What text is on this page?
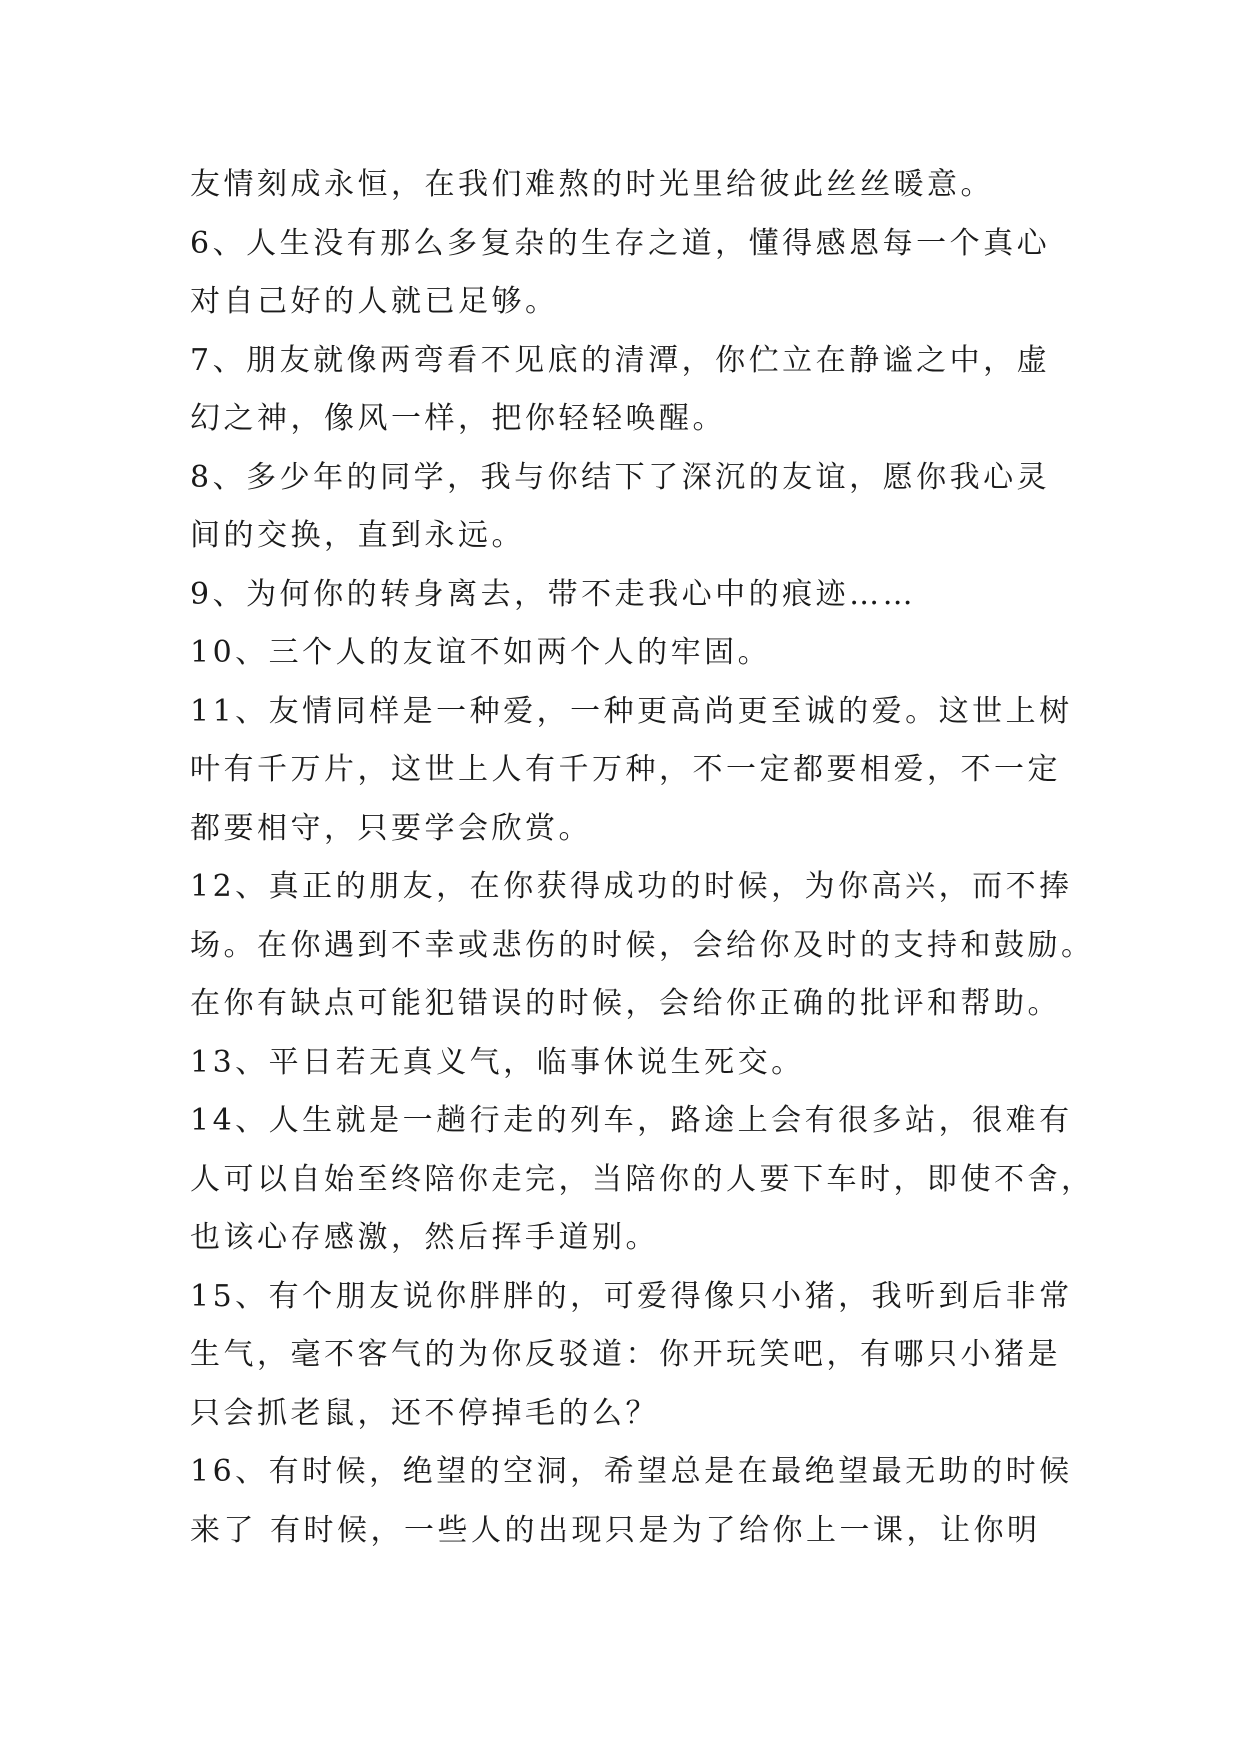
友情刻成永恒，在我们难熬的时光里给彼此丝丝暖意。
6、人生没有那么多复杂的生存之道，懂得感恩每一个真心
对自己好的人就已足够。
7、朋友就像两弯看不见底的清潭，你伫立在静谧之中，虚
幻之神，像风一样，把你轻轻唤醒。
8、多少年的同学，我与你结下了深沉的友谊，愿你我心灵
间的交换，直到永远。
9、为何你的转身离去，带不走我心中的痕迹……
10、三个人的友谊不如两个人的牢固。
11、友情同样是一种爱，一种更高尚更至诚的爱。这世上树
叶有千万片，这世上人有千万种，不一定都要相爱，不一定
都要相守，只要学会欣赏。
12、真正的朋友，在你获得成功的时候，为你高兴，而不捧
场。在你遇到不幸或悲伤的时候，会给你及时的支持和鼓励。
在你有缺点可能犯错误的时候，会给你正确的批评和帮助。
13、平日若无真义气，临事休说生死交。
14、人生就是一趟行走的列车，路途上会有很多站，很难有
人可以自始至终陪你走完，当陪你的人要下车时，即使不舍，
也该心存感激，然后挥手道别。
15、有个朋友说你胖胖的，可爱得像只小猪，我听到后非常
生气，毫不客气的为你反驳道：你开玩笑吧，有哪只小猪是
只会抓老鼠，还不停掉毛的么？
16、有时候，绝望的空洞，希望总是在最绝望最无助的时候
来了 有时候，一些人的出现只是为了给你上一课，让你明
